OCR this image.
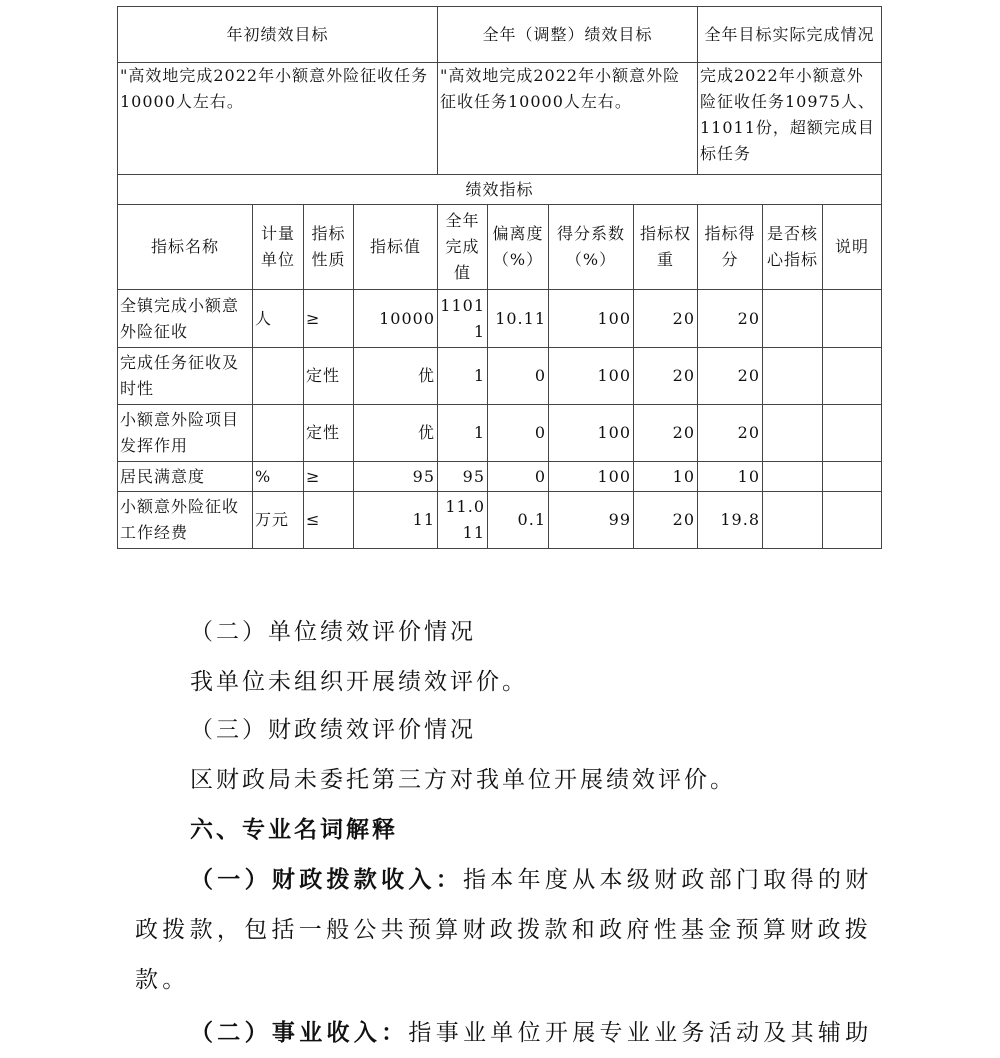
年初绩效目标				全年（调整）绩效目标				全年目标实际完成情况		
"高效地完成2022年小额意外险征收任务10000人左右。				"高效地完成2022年小额意外险征收任务10000人左右。				完成2022年小额意外险征收任务10975人、11011份，超额完成目标任务		
绩效指标										
指标名称	计量单位	指标性质	指标值	全年完成值	偏离度（%）	得分系数（%）	指标权重	指标得分	是否核心指标	说明
全镇完成小额意外险征收	人	≥	10000	11011	10.11	100	20	20		
完成任务征收及时性		定性	优	1	0	100	20	20		
小额意外险项目发挥作用		定性	优	1	0	100	20	20		
居民满意度	%	≥	95	95	0	100	10	10		
小额意外险征收工作经费	万元	≤	11	11.011	0.1	99	20	19.8		
（二）单位绩效评价情况
我单位未组织开展绩效评价。
（三）财政绩效评价情况
区财政局未委托第三方对我单位开展绩效评价。
六、专业名词解释
（一）财政拨款收入：指本年度从本级财政部门取得的财政拨款，包括一般公共预算财政拨款和政府性基金预算财政拨款。
（二）事业收入：指事业单位开展专业业务活动及其辅助
